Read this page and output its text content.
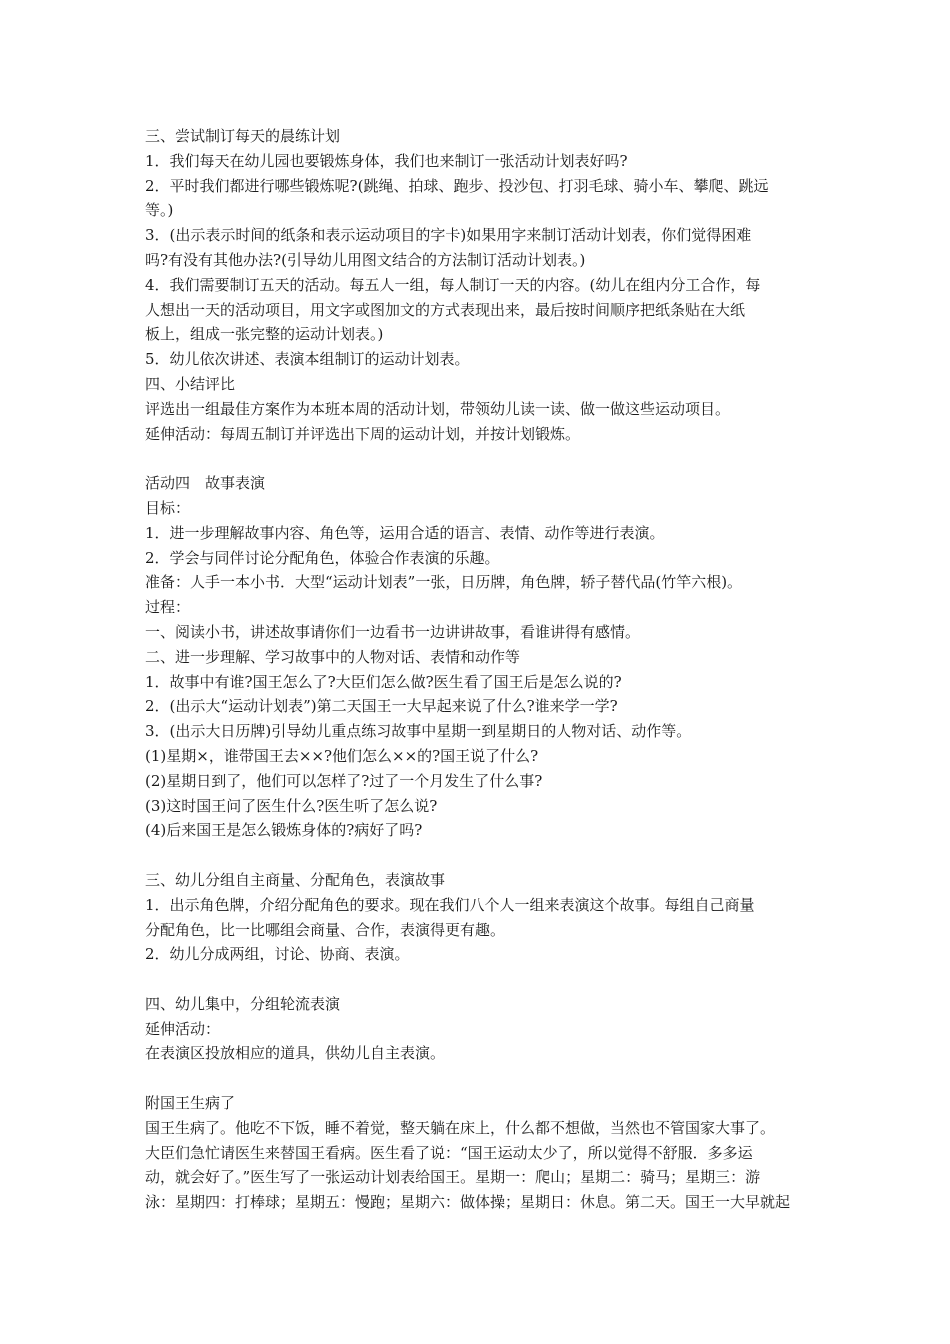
三、尝试制订每天的晨练计划
1．我们每天在幼儿园也要锻炼身体，我们也来制订一张活动计划表好吗?
2．平时我们都进行哪些锻炼呢?(跳绳、拍球、跑步、投沙包、打羽毛球、骑小车、攀爬、跳远
等。)
3．(出示表示时间的纸条和表示运动项目的字卡)如果用字来制订活动计划表，你们觉得困难
吗?有没有其他办法?(引导幼儿用图文结合的方法制订活动计划表。)
4．我们需要制订五天的活动。每五人一组，每人制订一天的内容。(幼儿在组内分工合作，每
人想出一天的活动项目，用文字或图加文的方式表现出来，最后按时间顺序把纸条贴在大纸
板上，组成一张完整的运动计划表。)
5．幼儿依次讲述、表演本组制订的运动计划表。
四、小结评比
评选出一组最佳方案作为本班本周的活动计划，带领幼儿读一读、做一做这些运动项目。
延伸活动：每周五制订并评选出下周的运动计划，并按计划锻炼。
活动四　故事表演
目标：
1．进一步理解故事内容、角色等，运用合适的语言、表情、动作等进行表演。
2．学会与同伴讨论分配角色，体验合作表演的乐趣。
准备：人手一本小书．大型“运动计划表”一张，日历牌，角色牌，轿子替代品(竹竿六根)。
过程：
一、阅读小书，讲述故事请你们一边看书一边讲讲故事，看谁讲得有感情。
二、进一步理解、学习故事中的人物对话、表情和动作等
1．故事中有谁?国王怎么了?大臣们怎么做?医生看了国王后是怎么说的?
2．(出示大“运动计划表”)第二天国王一大早起来说了什么?谁来学一学?
3．(出示大日历牌)引导幼儿重点练习故事中星期一到星期日的人物对话、动作等。
(1)星期×，谁带国王去××?他们怎么××的?国王说了什么?
(2)星期日到了，他们可以怎样了?过了一个月发生了什么事?
(3)这时国王问了医生什么?医生听了怎么说?
(4)后来国王是怎么锻炼身体的?病好了吗?
三、幼儿分组自主商量、分配角色，表演故事
1．出示角色牌，介绍分配角色的要求。现在我们八个人一组来表演这个故事。每组自己商量
分配角色，比一比哪组会商量、合作，表演得更有趣。
2．幼儿分成两组，讨论、协商、表演。
四、幼儿集中，分组轮流表演
延伸活动：
在表演区投放相应的道具，供幼儿自主表演。
附国王生病了
国王生病了。他吃不下饭，睡不着觉，整天躺在床上，什么都不想做，当然也不管国家大事了。
大臣们急忙请医生来替国王看病。医生看了说：“国王运动太少了，所以觉得不舒服．多多运
动，就会好了。”医生写了一张运动计划表给国王。星期一：爬山；星期二：骑马；星期三：游
泳：星期四：打棒球；星期五：慢跑；星期六：做体操；星期日：休息。第二天。国王一大早就起
